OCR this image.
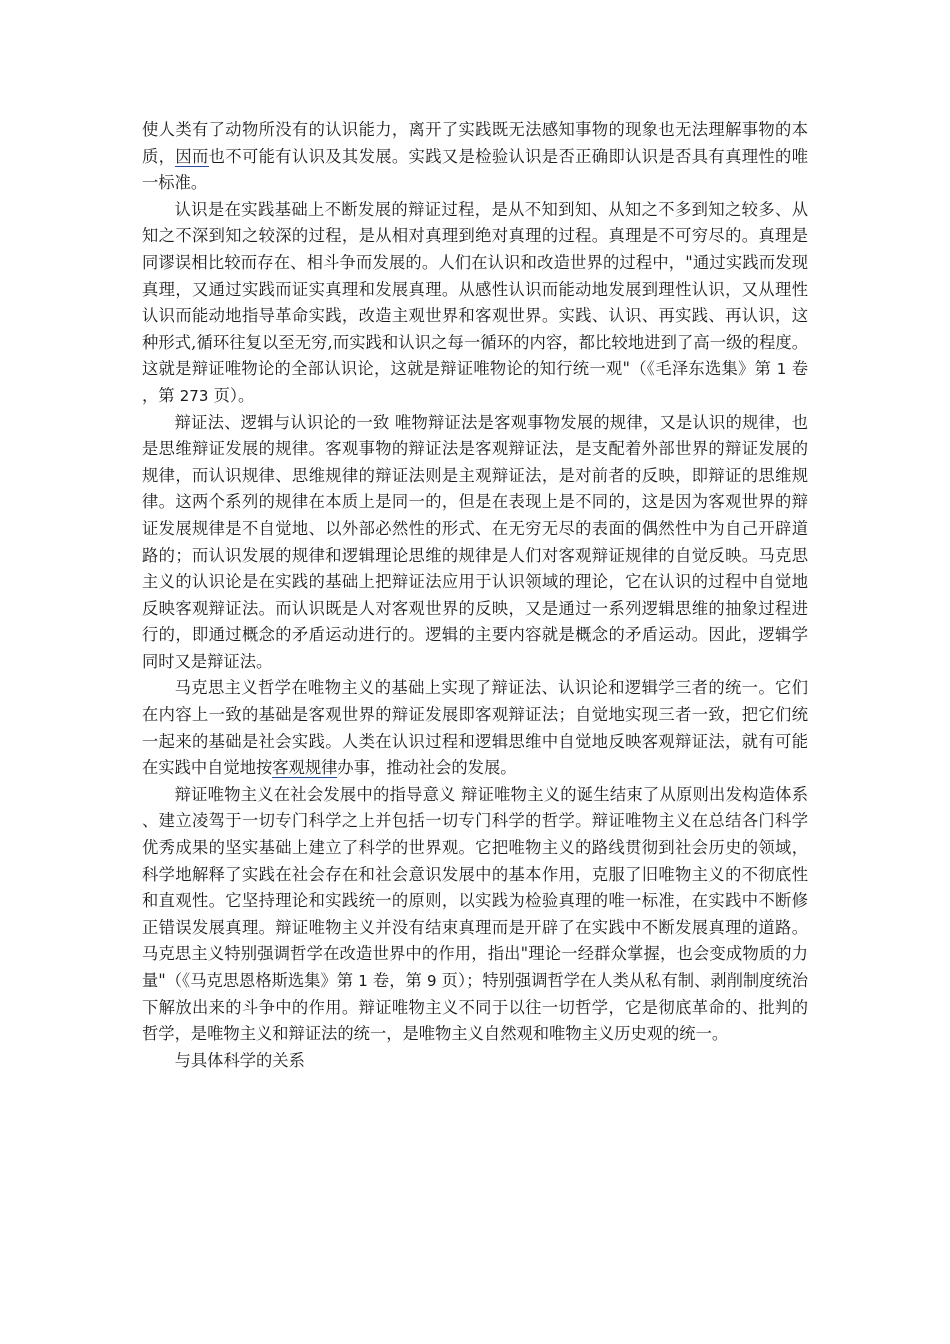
使人类有了动物所没有的认识能力，离开了实践既无法感知事物的现象也无法理解事物的本质，因而也不可能有认识及其发展。实践又是检验认识是否正确即认识是否具有真理性的唯一标准。

认识是在实践基础上不断发展的辩证过程，是从不知到知、从知之不多到知之较多、从知之不深到知之较深的过程，是从相对真理到绝对真理的过程。真理是不可穷尽的。真理是同谬误相比较而存在、相斗争而发展的。人们在认识和改造世界的过程中，"通过实践而发现真理，又通过实践而证实真理和发展真理。从感性认识而能动地发展到理性认识，又从理性认识而能动地指导革命实践，改造主观世界和客观世界。实践、认识、再实践、再认识，这种形式,循环往复以至无穷,而实践和认识之每一循环的内容，都比较地进到了高一级的程度。这就是辩证唯物论的全部认识论，这就是辩证唯物论的知行统一观"（《毛泽东选集》第 1 卷，第 273 页）。

辩证法、逻辑与认识论的一致 唯物辩证法是客观事物发展的规律，又是认识的规律，也是思维辩证发展的规律。客观事物的辩证法是客观辩证法，是支配着外部世界的辩证发展的规律，而认识规律、思维规律的辩证法则是主观辩证法，是对前者的反映，即辩证的思维规律。这两个系列的规律在本质上是同一的，但是在表现上是不同的，这是因为客观世界的辩证发展规律是不自觉地、以外部必然性的形式、在无穷无尽的表面的偶然性中为自己开辟道路的；而认识发展的规律和逻辑理论思维的规律是人们对客观辩证规律的自觉反映。马克思主义的认识论是在实践的基础上把辩证法应用于认识领域的理论，它在认识的过程中自觉地反映客观辩证法。而认识既是人对客观世界的反映，又是通过一系列逻辑思维的抽象过程进行的，即通过概念的矛盾运动进行的。逻辑的主要内容就是概念的矛盾运动。因此，逻辑学同时又是辩证法。

马克思主义哲学在唯物主义的基础上实现了辩证法、认识论和逻辑学三者的统一。它们在内容上一致的基础是客观世界的辩证发展即客观辩证法；自觉地实现三者一致，把它们统一起来的基础是社会实践。人类在认识过程和逻辑思维中自觉地反映客观辩证法，就有可能在实践中自觉地按客观规律办事，推动社会的发展。

辩证唯物主义在社会发展中的指导意义 辩证唯物主义的诞生结束了从原则出发构造体系、建立凌驾于一切专门科学之上并包括一切专门科学的哲学。辩证唯物主义在总结各门科学优秀成果的坚实基础上建立了科学的世界观。它把唯物主义的路线贯彻到社会历史的领域，科学地解释了实践在社会存在和社会意识发展中的基本作用，克服了旧唯物主义的不彻底性和直观性。它坚持理论和实践统一的原则，以实践为检验真理的唯一标准，在实践中不断修正错误发展真理。辩证唯物主义并没有结束真理而是开辟了在实践中不断发展真理的道路。马克思主义特别强调哲学在改造世界中的作用，指出"理论一经群众掌握，也会变成物质的力量"（《马克思恩格斯选集》第 1 卷，第 9 页）；特别强调哲学在人类从私有制、剥削制度统治下解放出来的斗争中的作用。辩证唯物主义不同于以往一切哲学，它是彻底革命的、批判的哲学，是唯物主义和辩证法的统一，是唯物主义自然观和唯物主义历史观的统一。

与具体科学的关系
